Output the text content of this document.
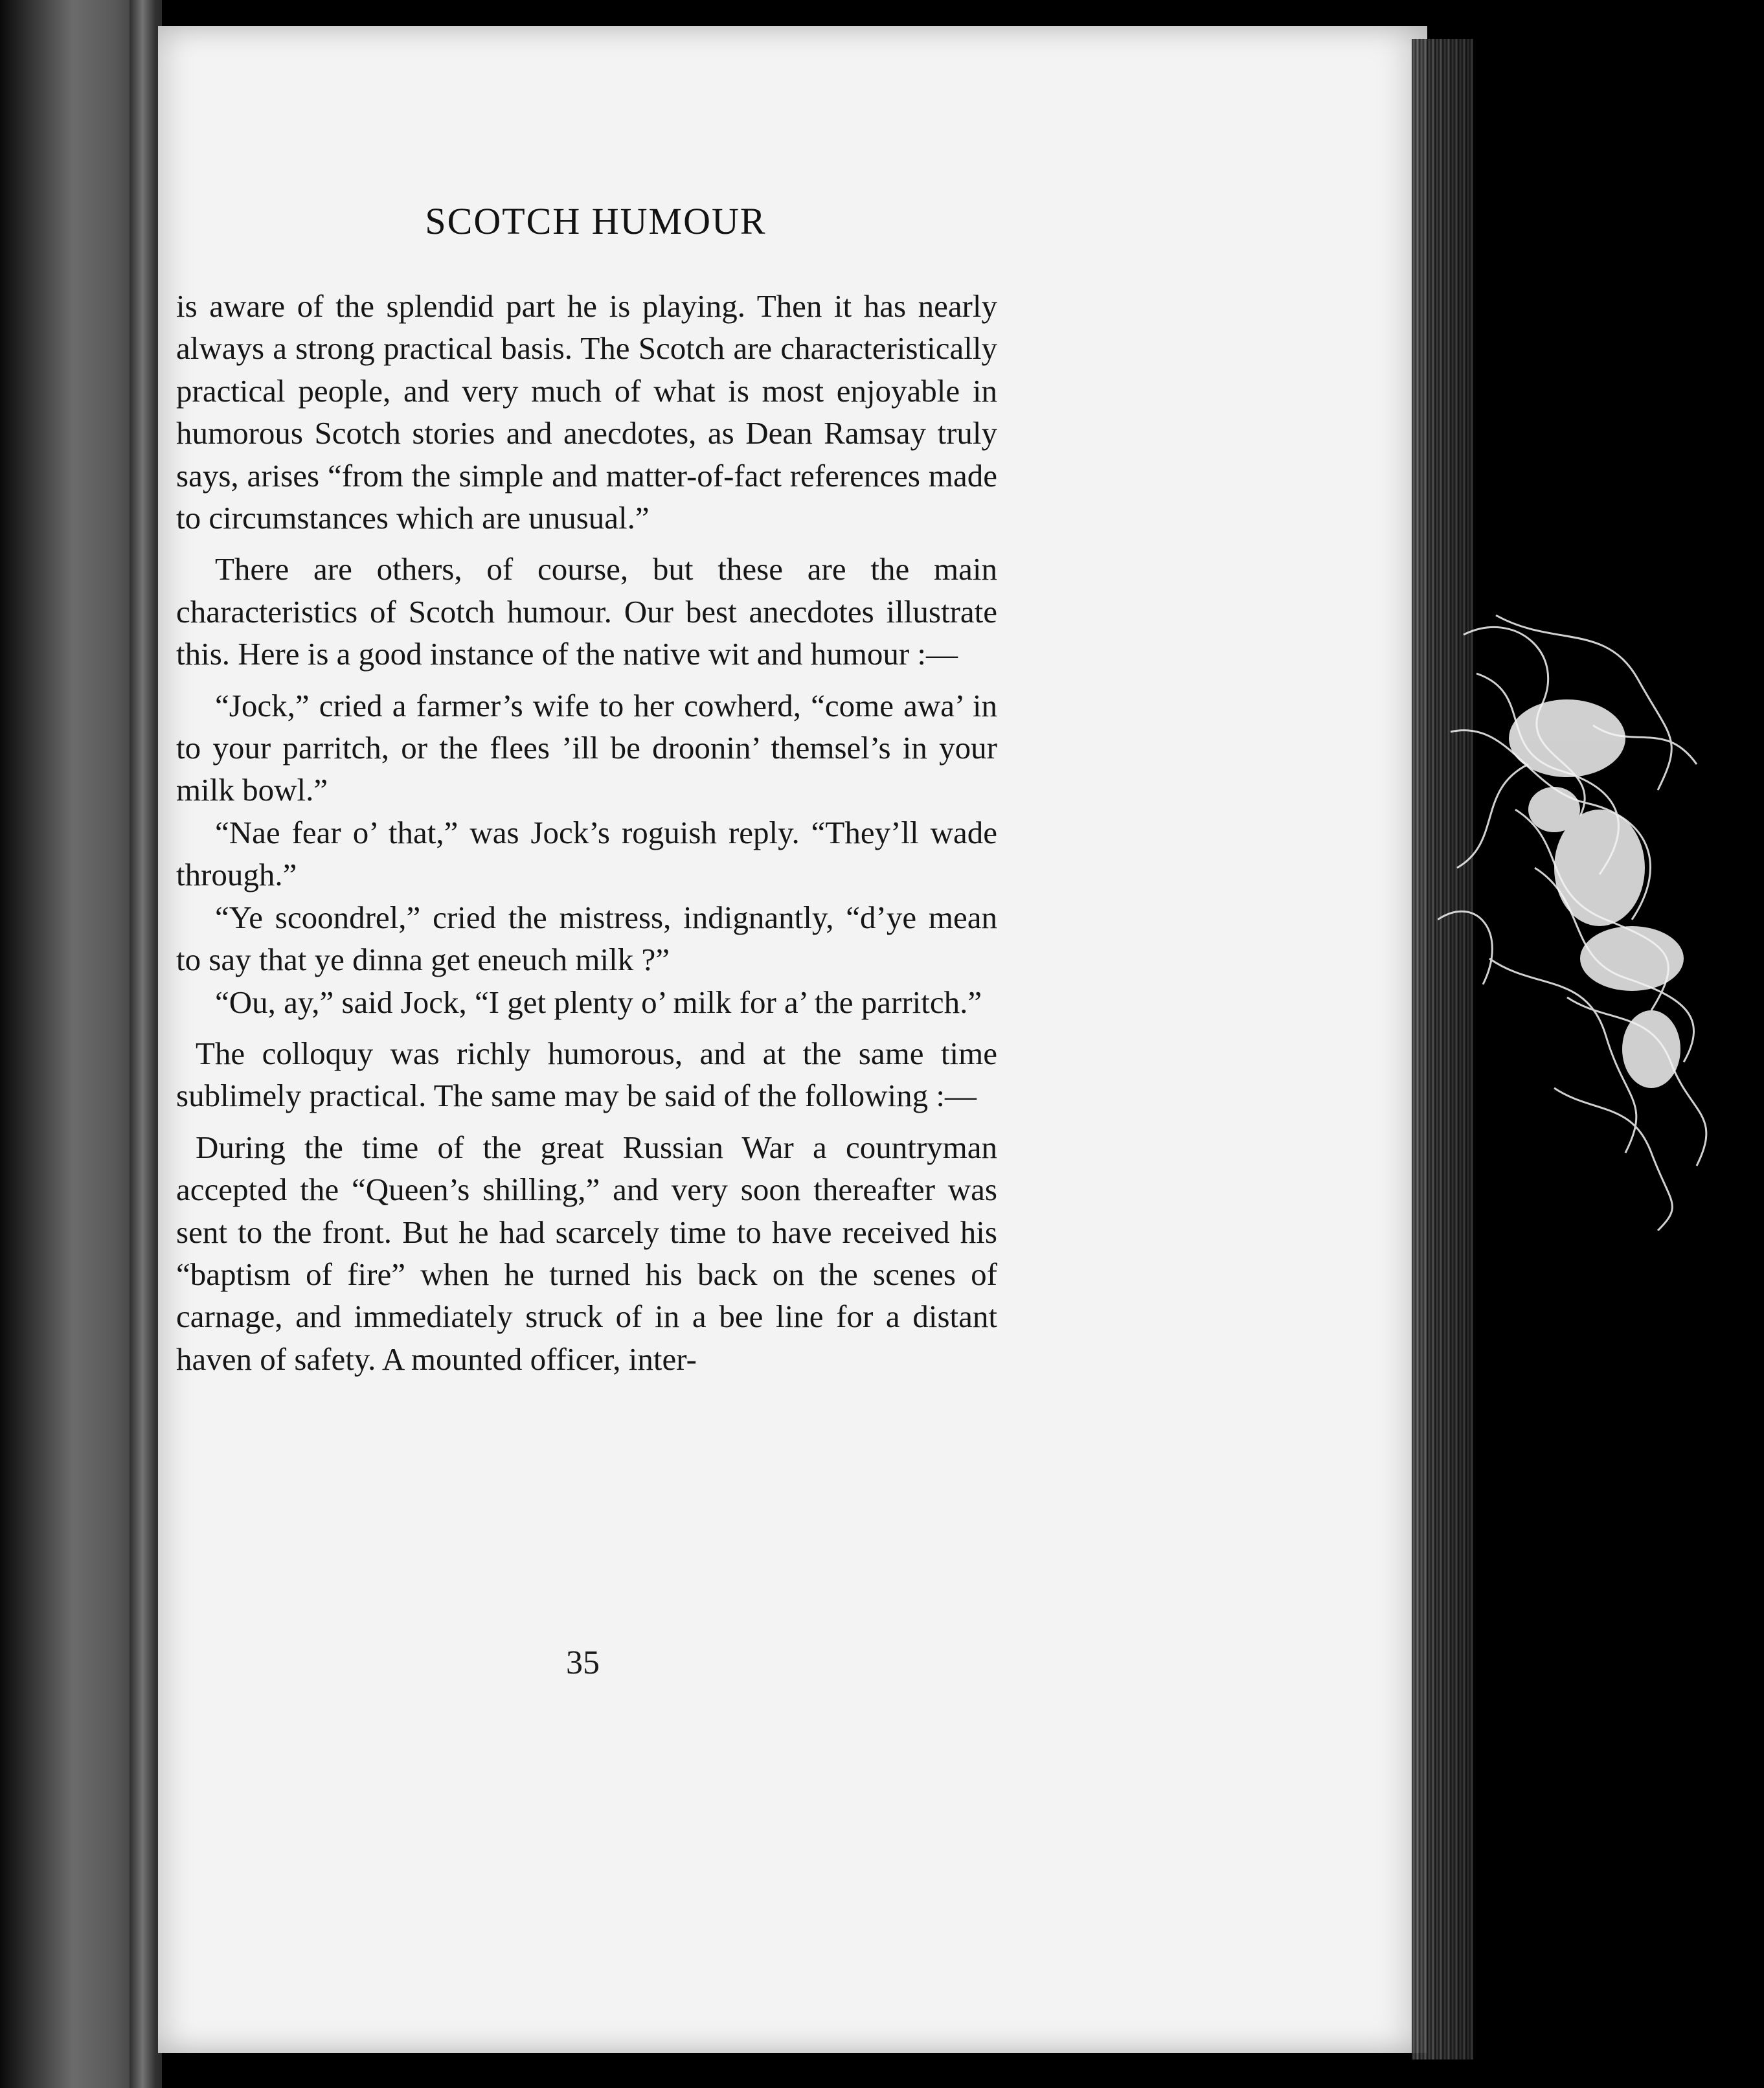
SCOTCH HUMOUR

is aware of the splendid part he is playing. Then it has nearly always a strong practical basis. The Scotch are characteristically practical people, and very much of what is most enjoyable in humorous Scotch stories and anecdotes, as Dean Ramsay truly says, arises “from the simple and matter-of-fact references made to circumstances which are unusual.”

There are others, of course, but these are the main characteristics of Scotch humour. Our best anecdotes illustrate this. Here is a good instance of the native wit and humour :—

“Jock,” cried a farmer’s wife to her cowherd, “come awa’ in to your parritch, or the flees ’ill be droonin’ themsel’s in your milk bowl.”

“Nae fear o’ that,” was Jock’s roguish reply. “They’ll wade through.”

“Ye scoondrel,” cried the mistress, indignantly, “d’ye mean to say that ye dinna get eneuch milk ?”

“Ou, ay,” said Jock, “I get plenty o’ milk for a’ the parritch.”

The colloquy was richly humorous, and at the same time sublimely practical. The same may be said of the following :—

During the time of the great Russian War a countryman accepted the “Queen’s shilling,” and very soon thereafter was sent to the front. But he had scarcely time to have received his “baptism of fire” when he turned his back on the scenes of carnage, and immediately struck of in a bee line for a distant haven of safety. A mounted officer, inter-

35
